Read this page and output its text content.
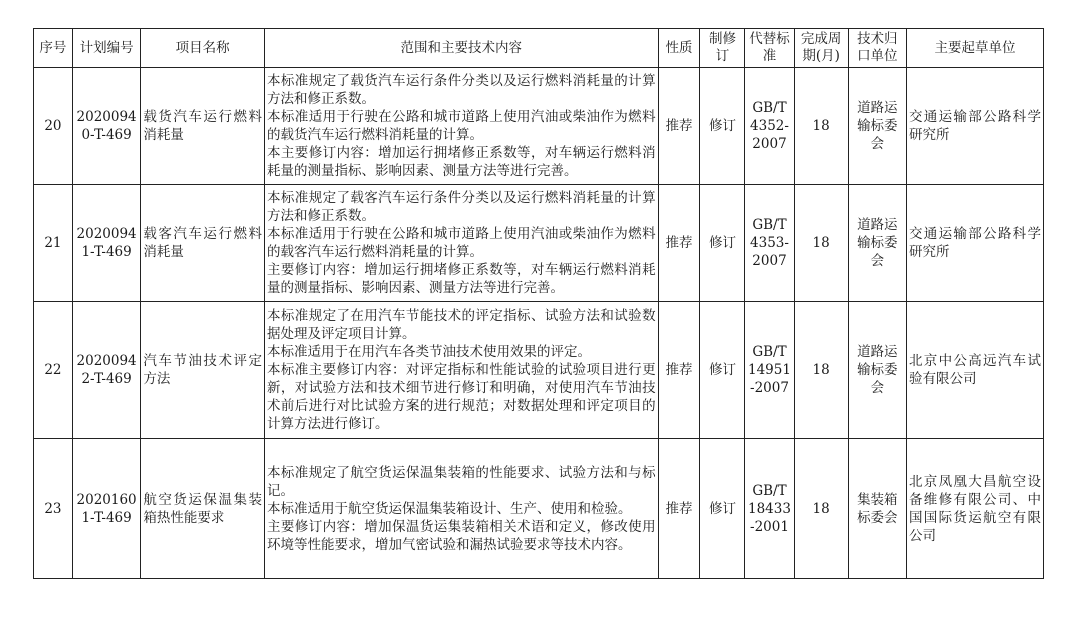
序号	计划编号	项目名称	范围和主要技术内容	性质	制修订	代替标准	完成周期(月)	技术归口单位	主要起草单位
20	20200940-T-469	载货汽车运行燃料消耗量	本标准规定了载货汽车运行条件分类以及运行燃料消耗量的计算方法和修正系数。

本标准适用于行驶在公路和城市道路上使用汽油或柴油作为燃料的载货汽车运行燃料消耗量的计算。

本主要修订内容：增加运行拥堵修正系数等，对车辆运行燃料消耗量的测量指标、影响因素、测量方法等进行完善。	推荐	修订	GB/T 4352-2007	18	道路运输标委会	交通运输部公路科学研究所
21	20200941-T-469	载客汽车运行燃料消耗量	本标准规定了载客汽车运行条件分类以及运行燃料消耗量的计算方法和修正系数。

本标准适用于行驶在公路和城市道路上使用汽油或柴油作为燃料的载客汽车运行燃料消耗量的计算。

主要修订内容：增加运行拥堵修正系数等，对车辆运行燃料消耗量的测量指标、影响因素、测量方法等进行完善。	推荐	修订	GB/T 4353-2007	18	道路运输标委会	交通运输部公路科学研究所
22	20200942-T-469	汽车节油技术评定方法	本标准规定了在用汽车节能技术的评定指标、试验方法和试验数据处理及评定项目计算。

本标准适用于在用汽车各类节油技术使用效果的评定。

本标准主要修订内容：对评定指标和性能试验的试验项目进行更新，对试验方法和技术细节进行修订和明确，对使用汽车节油技术前后进行对比试验方案的进行规范；对数据处理和评定项目的计算方法进行修订。	推荐	修订	GB/T 14951-2007	18	道路运输标委会	北京中公高远汽车试验有限公司
23	20201601-T-469	航空货运保温集装箱热性能要求	本标准规定了航空货运保温集装箱的性能要求、试验方法和与标记。

本标准适用于航空货运保温集装箱设计、生产、使用和检验。

主要修订内容：增加保温货运集装箱相关术语和定义，修改使用环境等性能要求，增加气密试验和漏热试验要求等技术内容。	推荐	修订	GB/T 18433-2001	18	集装箱标委会	北京凤凰大昌航空设备维修有限公司、中国国际货运航空有限公司
